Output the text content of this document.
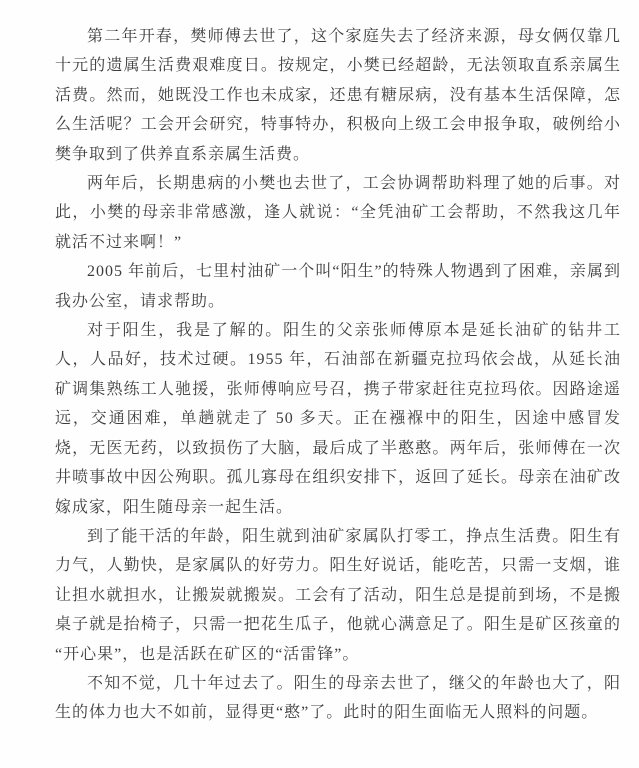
第二年开春，樊师傅去世了，这个家庭失去了经济来源，母女俩仅靠几十元的遗属生活费艰难度日。按规定，小樊已经超龄，无法领取直系亲属生活费。然而，她既没工作也未成家，还患有糖尿病，没有基本生活保障，怎么生活呢？工会开会研究，特事特办，积极向上级工会申报争取，破例给小樊争取到了供养直系亲属生活费。

两年后，长期患病的小樊也去世了，工会协调帮助料理了她的后事。对此，小樊的母亲非常感激，逢人就说：“全凭油矿工会帮助，不然我这几年就活不过来啊！”

2005 年前后，七里村油矿一个叫“阳生”的特殊人物遇到了困难，亲属到我办公室，请求帮助。

对于阳生，我是了解的。阳生的父亲张师傅原本是延长油矿的钻井工人，人品好，技术过硬。1955 年，石油部在新疆克拉玛依会战，从延长油矿调集熟练工人驰援，张师傅响应号召，携子带家赶往克拉玛依。因路途遥远，交通困难，单趟就走了 50 多天。正在襁褓中的阳生，因途中感冒发烧，无医无药，以致损伤了大脑，最后成了半憨憨。两年后，张师傅在一次井喷事故中因公殉职。孤儿寡母在组织安排下，返回了延长。母亲在油矿改嫁成家，阳生随母亲一起生活。

到了能干活的年龄，阳生就到油矿家属队打零工，挣点生活费。阳生有力气，人勤快，是家属队的好劳力。阳生好说话，能吃苦，只需一支烟，谁让担水就担水，让搬炭就搬炭。工会有了活动，阳生总是提前到场，不是搬桌子就是抬椅子，只需一把花生瓜子，他就心满意足了。阳生是矿区孩童的“开心果”，也是活跃在矿区的“活雷锋”。

不知不觉，几十年过去了。阳生的母亲去世了，继父的年龄也大了，阳生的体力也大不如前，显得更“憨”了。此时的阳生面临无人照料的问题。
